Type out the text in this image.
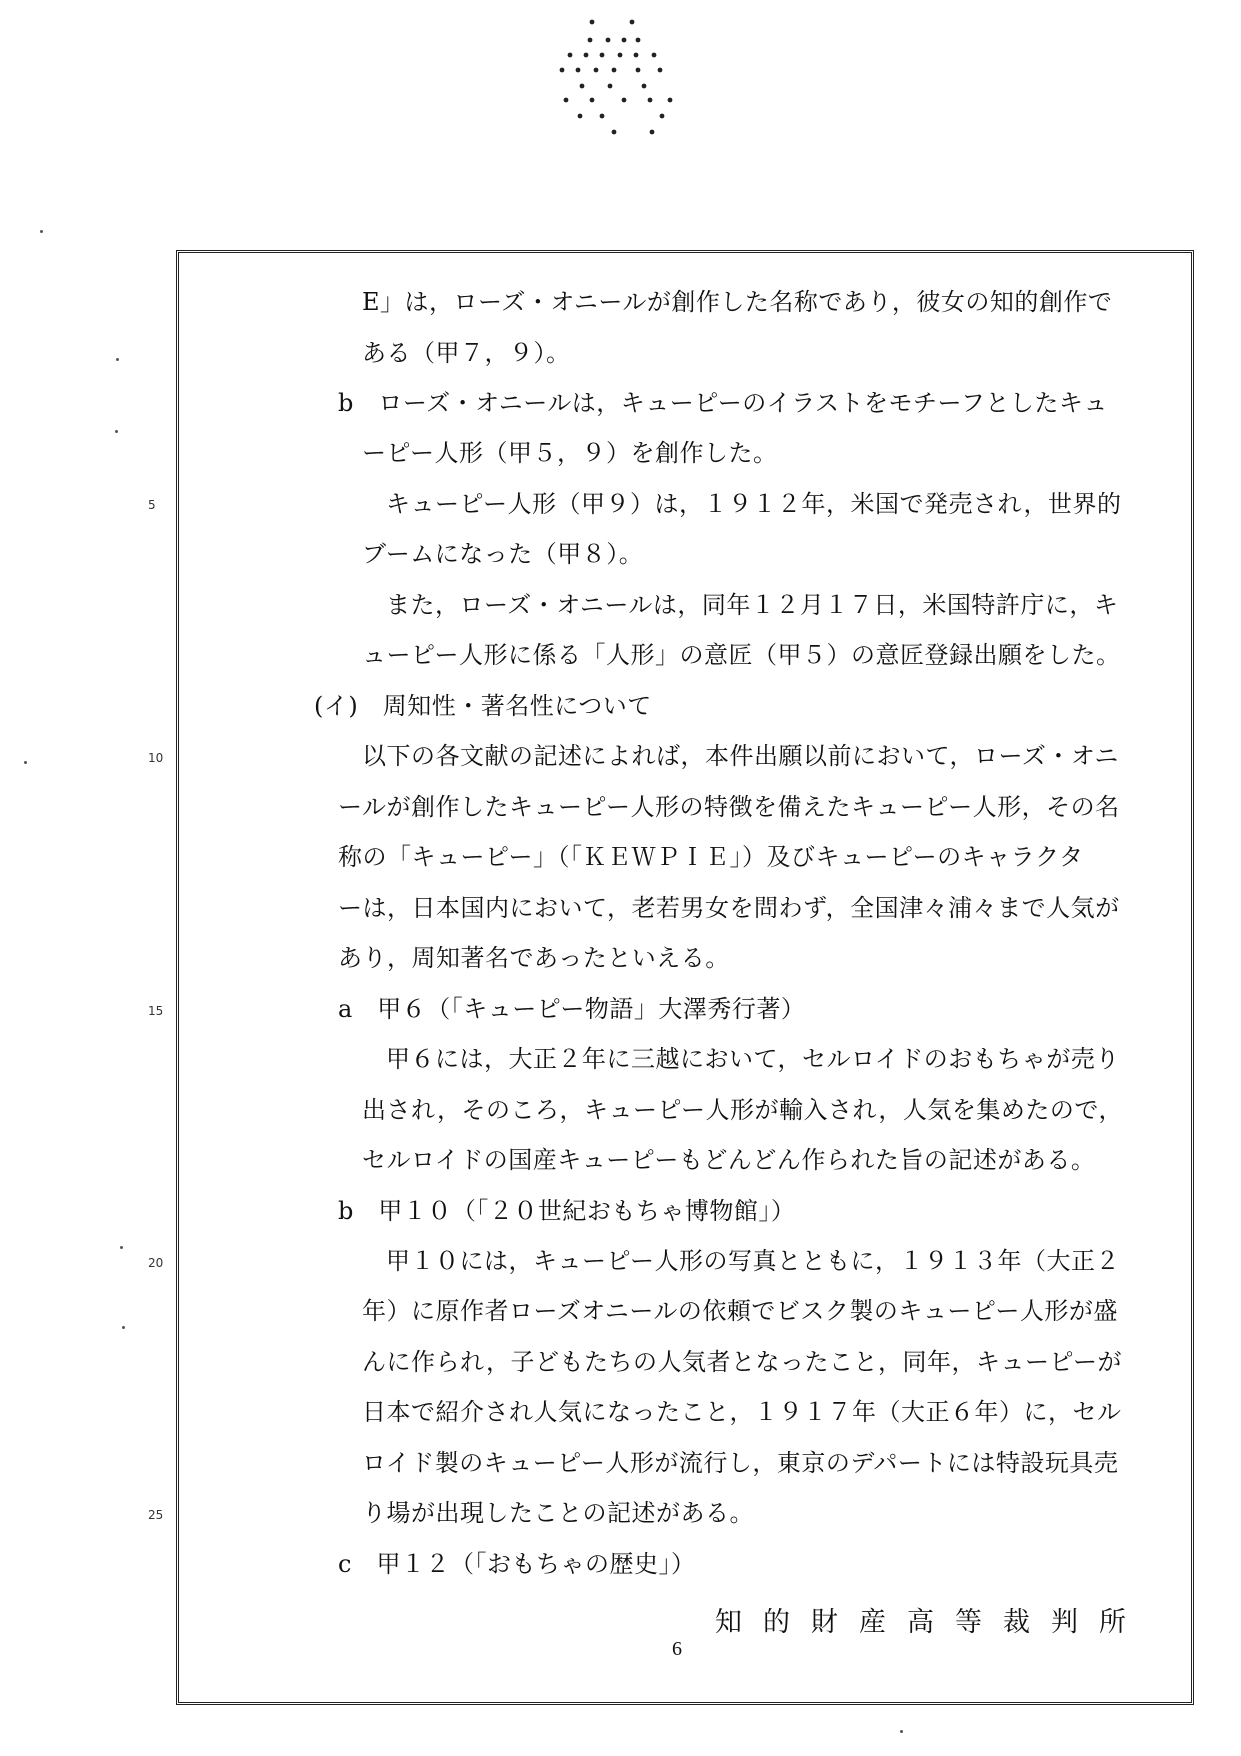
5
10
15
20
25
E」は，ローズ・オニールが創作した名称であり，彼女の知的創作で
ある（甲７，９）。
b　ローズ・オニールは，キューピーのイラストをモチーフとしたキュ
ーピー人形（甲５，９）を創作した。
キューピー人形（甲９）は，１９１２年，米国で発売され，世界的
ブームになった（甲８）。
また，ローズ・オニールは，同年１２月１７日，米国特許庁に，キ
ューピー人形に係る「人形」の意匠（甲５）の意匠登録出願をした。
(イ)　周知性・著名性について
以下の各文献の記述によれば，本件出願以前において，ローズ・オニ
ールが創作したキューピー人形の特徴を備えたキューピー人形，その名
称の「キューピー」（「ＫＥＷＰＩＥ」）及びキューピーのキャラクタ
ーは，日本国内において，老若男女を問わず，全国津々浦々まで人気が
あり，周知著名であったといえる。
a　甲６（「キューピー物語」大澤秀行著）
甲６には，大正２年に三越において，セルロイドのおもちゃが売り
出され，そのころ，キューピー人形が輸入され，人気を集めたので，
セルロイドの国産キューピーもどんどん作られた旨の記述がある。
b　甲１０（「２０世紀おもちゃ博物館」）
甲１０には，キューピー人形の写真とともに，１９１３年（大正２
年）に原作者ローズオニールの依頼でビスク製のキューピー人形が盛
んに作られ，子どもたちの人気者となったこと，同年，キューピーが
日本で紹介され人気になったこと，１９１７年（大正６年）に，セル
ロイド製のキューピー人形が流行し，東京のデパートには特設玩具売
り場が出現したことの記述がある。
c　甲１２（「おもちゃの歴史」）
知的財産高等裁判所
6
